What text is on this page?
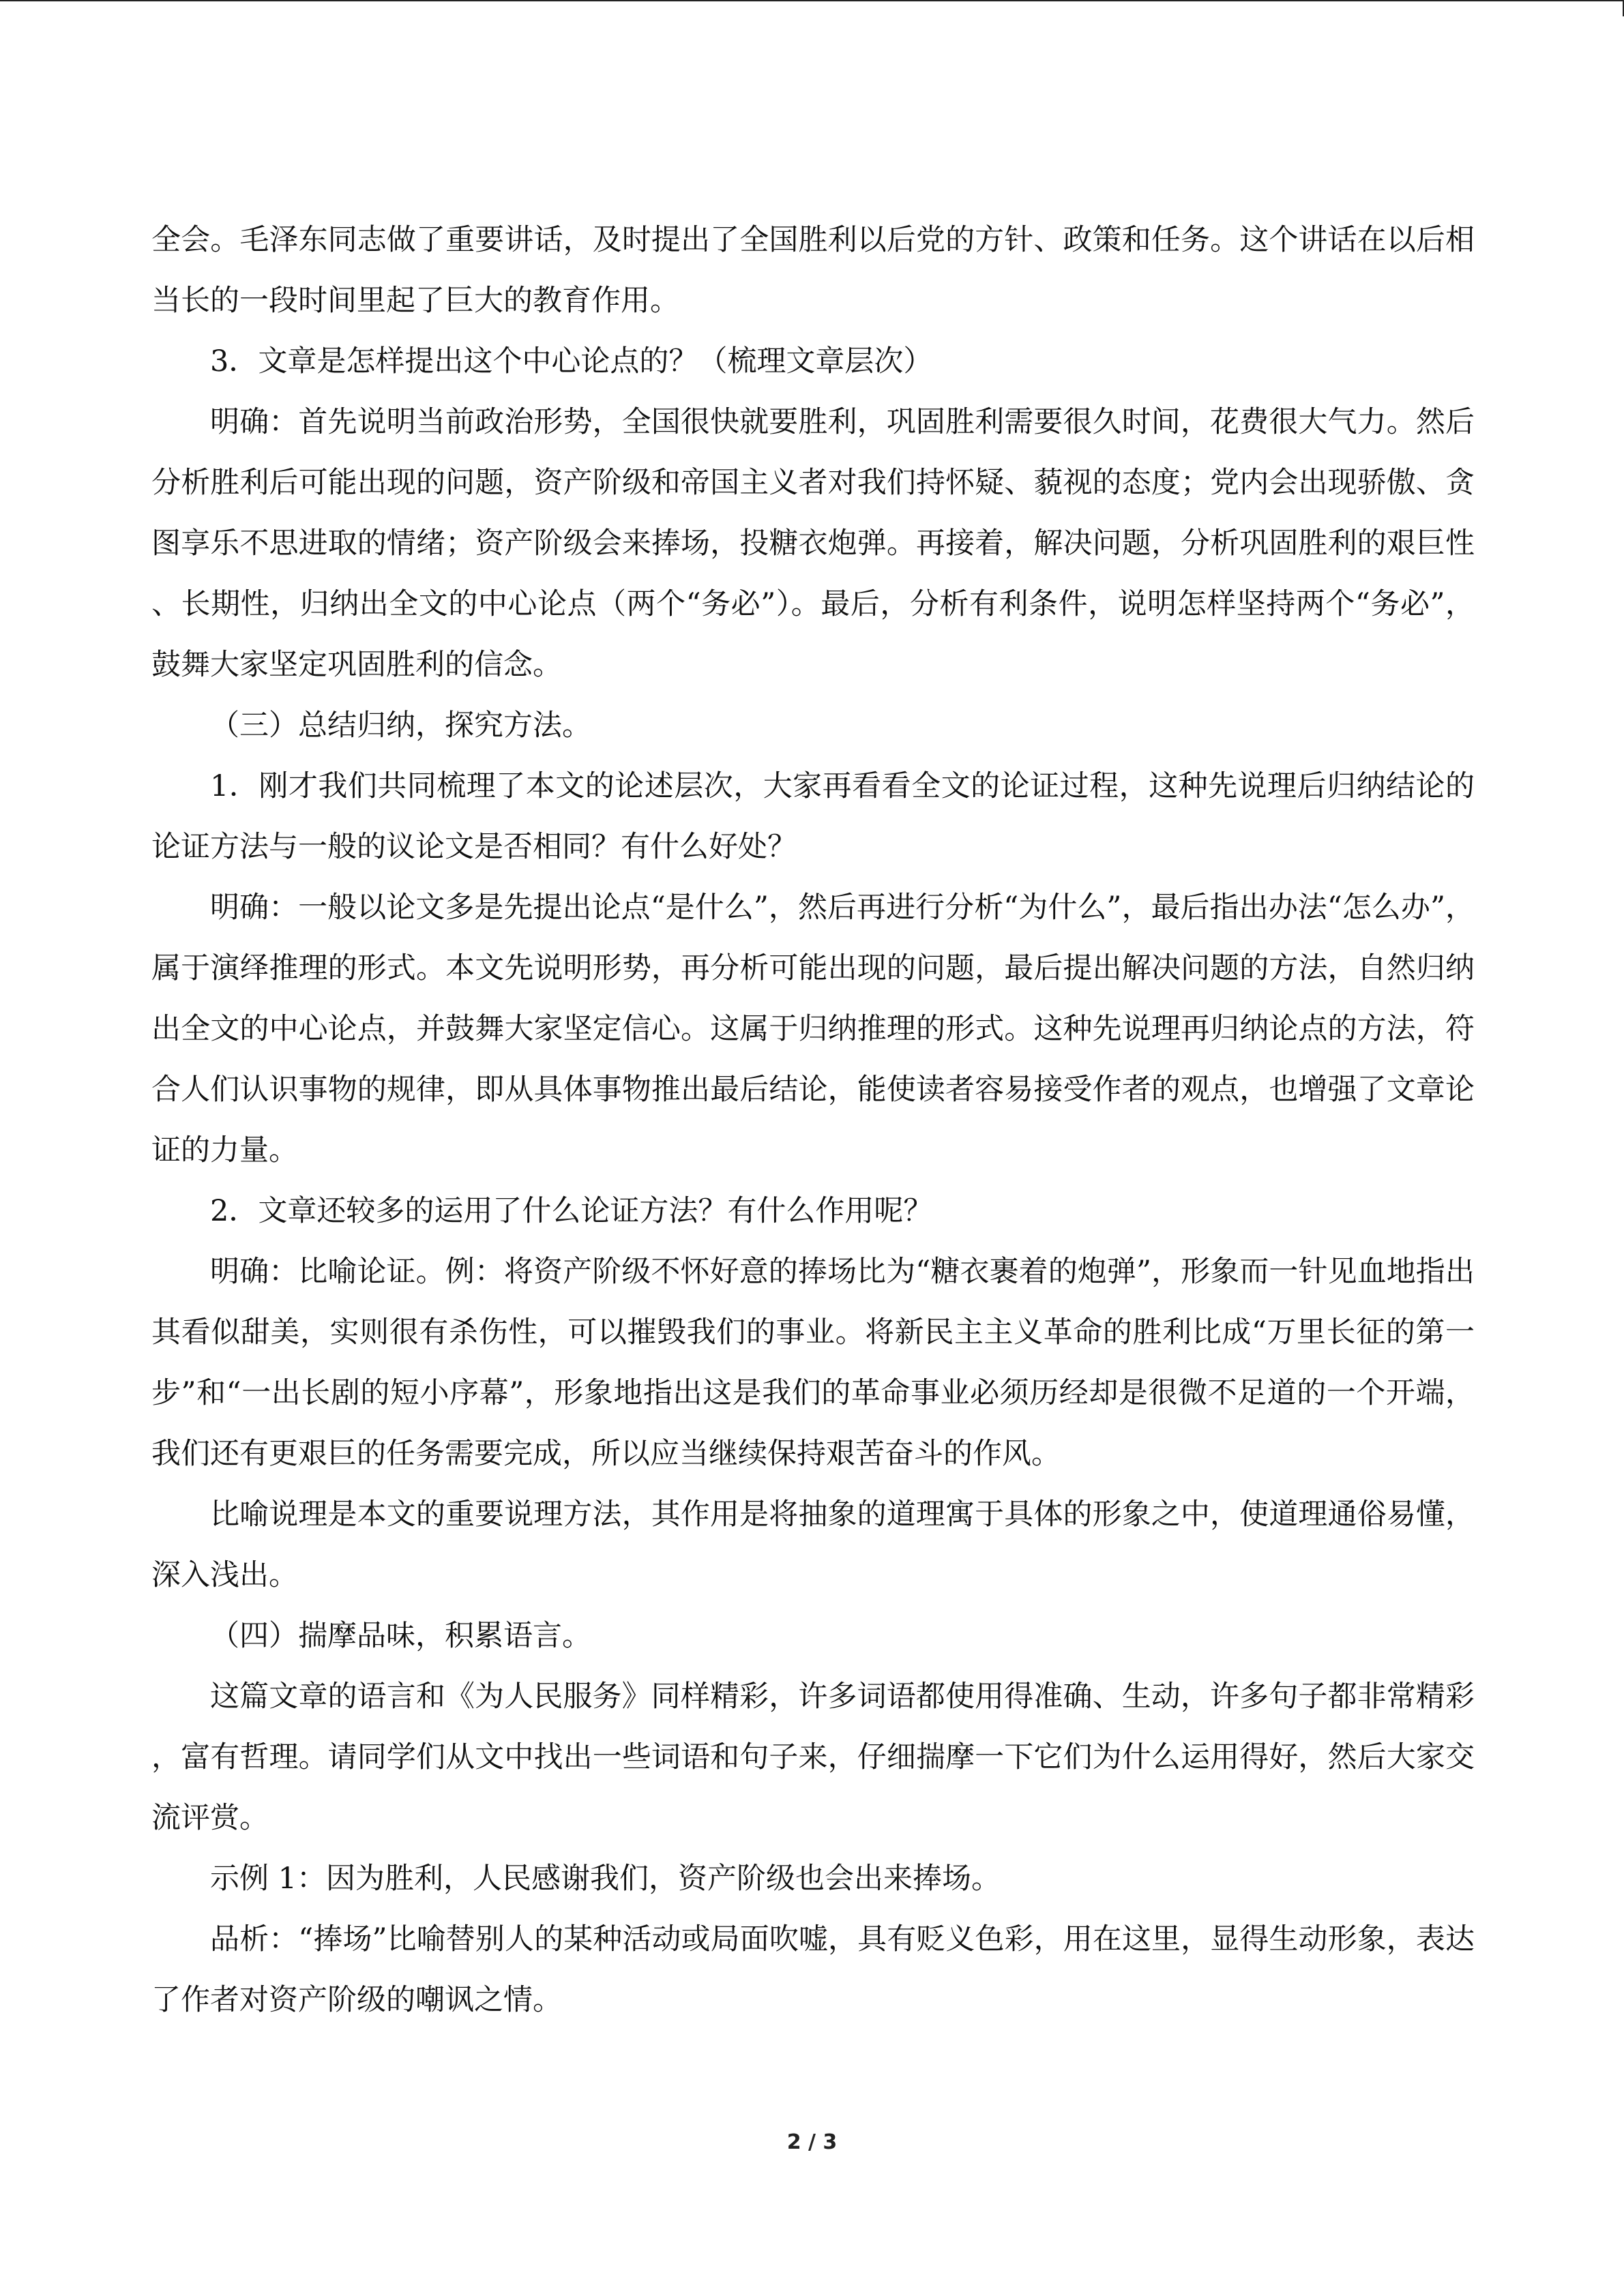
全会。毛泽东同志做了重要讲话，及时提出了全国胜利以后党的方针、政策和任务。这个讲话在以后相当长的一段时间里起了巨大的教育作用。

3．文章是怎样提出这个中心论点的？（梳理文章层次）

明确：首先说明当前政治形势，全国很快就要胜利，巩固胜利需要很久时间，花费很大气力。然后分析胜利后可能出现的问题，资产阶级和帝国主义者对我们持怀疑、藐视的态度；党内会出现骄傲、贪图享乐不思进取的情绪；资产阶级会来捧场，投糖衣炮弹。再接着，解决问题，分析巩固胜利的艰巨性、长期性，归纳出全文的中心论点（两个“务必”）。最后，分析有利条件，说明怎样坚持两个“务必”，鼓舞大家坚定巩固胜利的信念。

（三）总结归纳，探究方法。

1．刚才我们共同梳理了本文的论述层次，大家再看看全文的论证过程，这种先说理后归纳结论的论证方法与一般的议论文是否相同？有什么好处？

明确：一般以论文多是先提出论点“是什么”，然后再进行分析“为什么”，最后指出办法“怎么办”，属于演绎推理的形式。本文先说明形势，再分析可能出现的问题，最后提出解决问题的方法，自然归纳出全文的中心论点，并鼓舞大家坚定信心。这属于归纳推理的形式。这种先说理再归纳论点的方法，符合人们认识事物的规律，即从具体事物推出最后结论，能使读者容易接受作者的观点，也增强了文章论证的力量。

2．文章还较多的运用了什么论证方法？有什么作用呢？

明确：比喻论证。例：将资产阶级不怀好意的捧场比为“糖衣裹着的炮弹”，形象而一针见血地指出其看似甜美，实则很有杀伤性，可以摧毁我们的事业。将新民主主义革命的胜利比成“万里长征的第一步”和“一出长剧的短小序幕”，形象地指出这是我们的革命事业必须历经却是很微不足道的一个开端，我们还有更艰巨的任务需要完成，所以应当继续保持艰苦奋斗的作风。

比喻说理是本文的重要说理方法，其作用是将抽象的道理寓于具体的形象之中，使道理通俗易懂，深入浅出。

（四）揣摩品味，积累语言。

这篇文章的语言和《为人民服务》同样精彩，许多词语都使用得准确、生动，许多句子都非常精彩，富有哲理。请同学们从文中找出一些词语和句子来，仔细揣摩一下它们为什么运用得好，然后大家交流评赏。

示例 1：因为胜利，人民感谢我们，资产阶级也会出来捧场。

品析：“捧场”比喻替别人的某种活动或局面吹嘘，具有贬义色彩，用在这里，显得生动形象，表达了作者对资产阶级的嘲讽之情。

2 / 3
